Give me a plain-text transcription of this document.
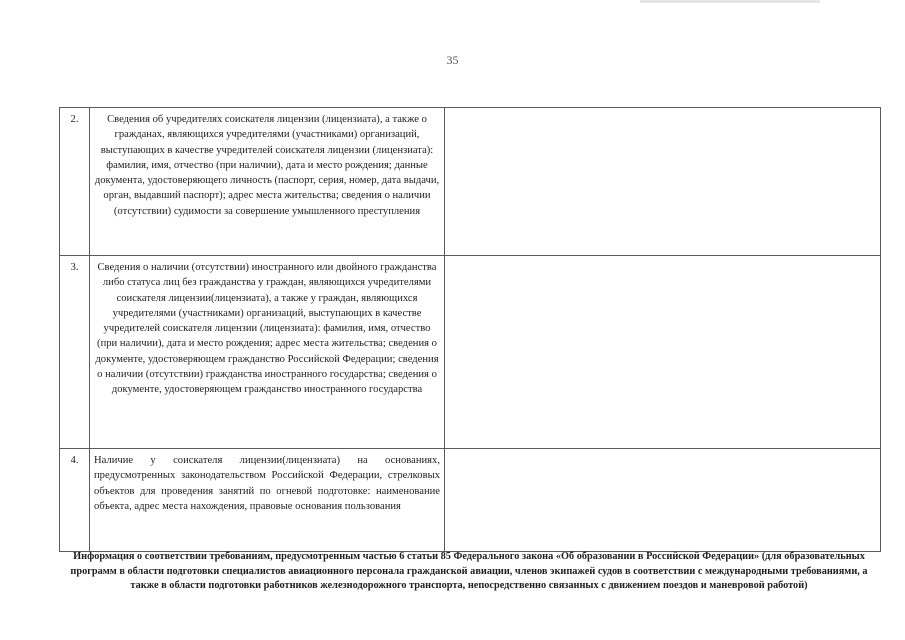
35
2.	Сведения об учредителях соискателя лицензии (лицензиата), а также о гражданах, являющихся учредителями (участниками) организаций, выступающих в качестве учредителей соискателя лицензии (лицензиата): фамилия, имя, отчество (при наличии), дата и место рождения; данные документа, удостоверяющего личность (паспорт, серия, номер, дата выдачи, орган, выдавший паспорт); адрес места жительства; сведения о наличии (отсутствии) судимости за совершение умышленного преступления	
3.	Сведения о наличии (отсутствии) иностранного или двойного гражданства либо статуса лиц без гражданства у граждан, являющихся учредителями соискателя лицензии(лицензиата), а также у граждан, являющихся учредителями (участниками) организаций, выступающих в качестве учредителей соискателя лицензии (лицензиата): фамилия, имя, отчество (при наличии), дата и место рождения; адрес места жительства; сведения о документе, удостоверяющем гражданство Российской Федерации; сведения о наличии (отсутствии) гражданства иностранного государства; сведения о документе, удостоверяющем гражданство иностранного государства	
4.	Наличие у соискателя лицензии(лицензиата) на основаниях, предусмотренных законодательством Российской Федерации, стрелковых объектов для проведения занятий по огневой подготовке: наименование объекта, адрес места нахождения, правовые основания пользования	
Информация о соответствии требованиям, предусмотренным частью 6 статьи 85 Федерального закона «Об образовании в Российской Федерации» (для образовательных программ в области подготовки специалистов авиационного персонала гражданской авиации, членов экипажей судов в соответствии с международными требованиями, а также в области подготовки работников железнодорожного транспорта, непосредственно связанных с движением поездов и маневровой работой)
